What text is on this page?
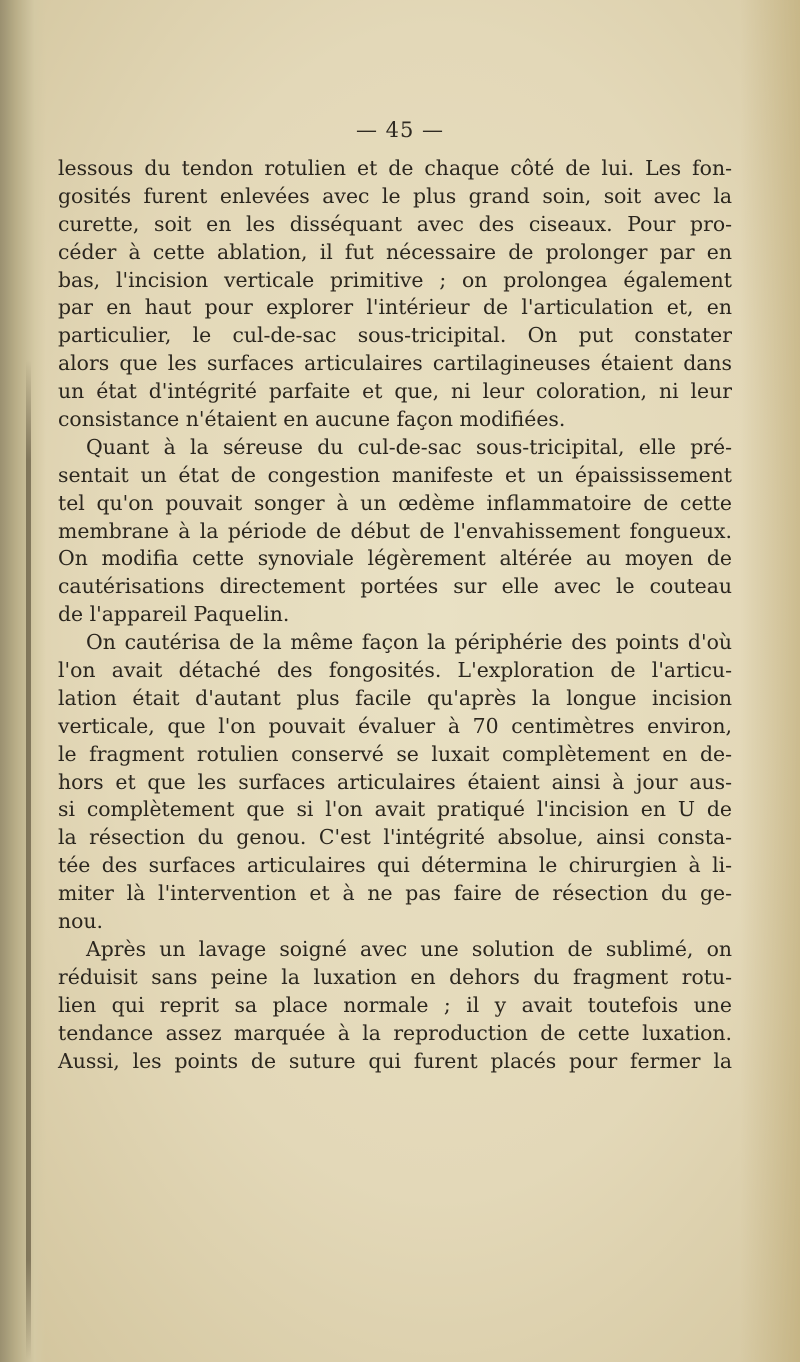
— 45 —
lessous du tendon rotulien et de chaque côté de lui. Les fon-
gosités furent enlevées avec le plus grand soin, soit avec la
curette, soit en les disséquant avec des ciseaux. Pour pro-
céder à cette ablation, il fut nécessaire de prolonger par en
bas, l'incision verticale primitive ; on prolongea également
par en haut pour explorer l'intérieur de l'articulation et, en
particulier, le cul-de-sac sous-tricipital. On put constater
alors que les surfaces articulaires cartilagineuses étaient dans
un état d'intégrité parfaite et que, ni leur coloration, ni leur
consistance n'étaient en aucune façon modifiées.
Quant à la séreuse du cul-de-sac sous-tricipital, elle pré-
sentait un état de congestion manifeste et un épaississement
tel qu'on pouvait songer à un œdème inflammatoire de cette
membrane à la période de début de l'envahissement fongueux.
On modifia cette synoviale légèrement altérée au moyen de
cautérisations directement portées sur elle avec le couteau
de l'appareil Paquelin.
On cautérisa de la même façon la périphérie des points d'où
l'on avait détaché des fongosités. L'exploration de l'articu-
lation était d'autant plus facile qu'après la longue incision
verticale, que l'on pouvait évaluer à 70 centimètres environ,
le fragment rotulien conservé se luxait complètement en de-
hors et que les surfaces articulaires étaient ainsi à jour aus-
si complètement que si l'on avait pratiqué l'incision en U de
la résection du genou. C'est l'intégrité absolue, ainsi consta-
tée des surfaces articulaires qui détermina le chirurgien à li-
miter là l'intervention et à ne pas faire de résection du ge-
nou.
Après un lavage soigné avec une solution de sublimé, on
réduisit sans peine la luxation en dehors du fragment rotu-
lien qui reprit sa place normale ; il y avait toutefois une
tendance assez marquée à la reproduction de cette luxation.
Aussi, les points de suture qui furent placés pour fermer la
